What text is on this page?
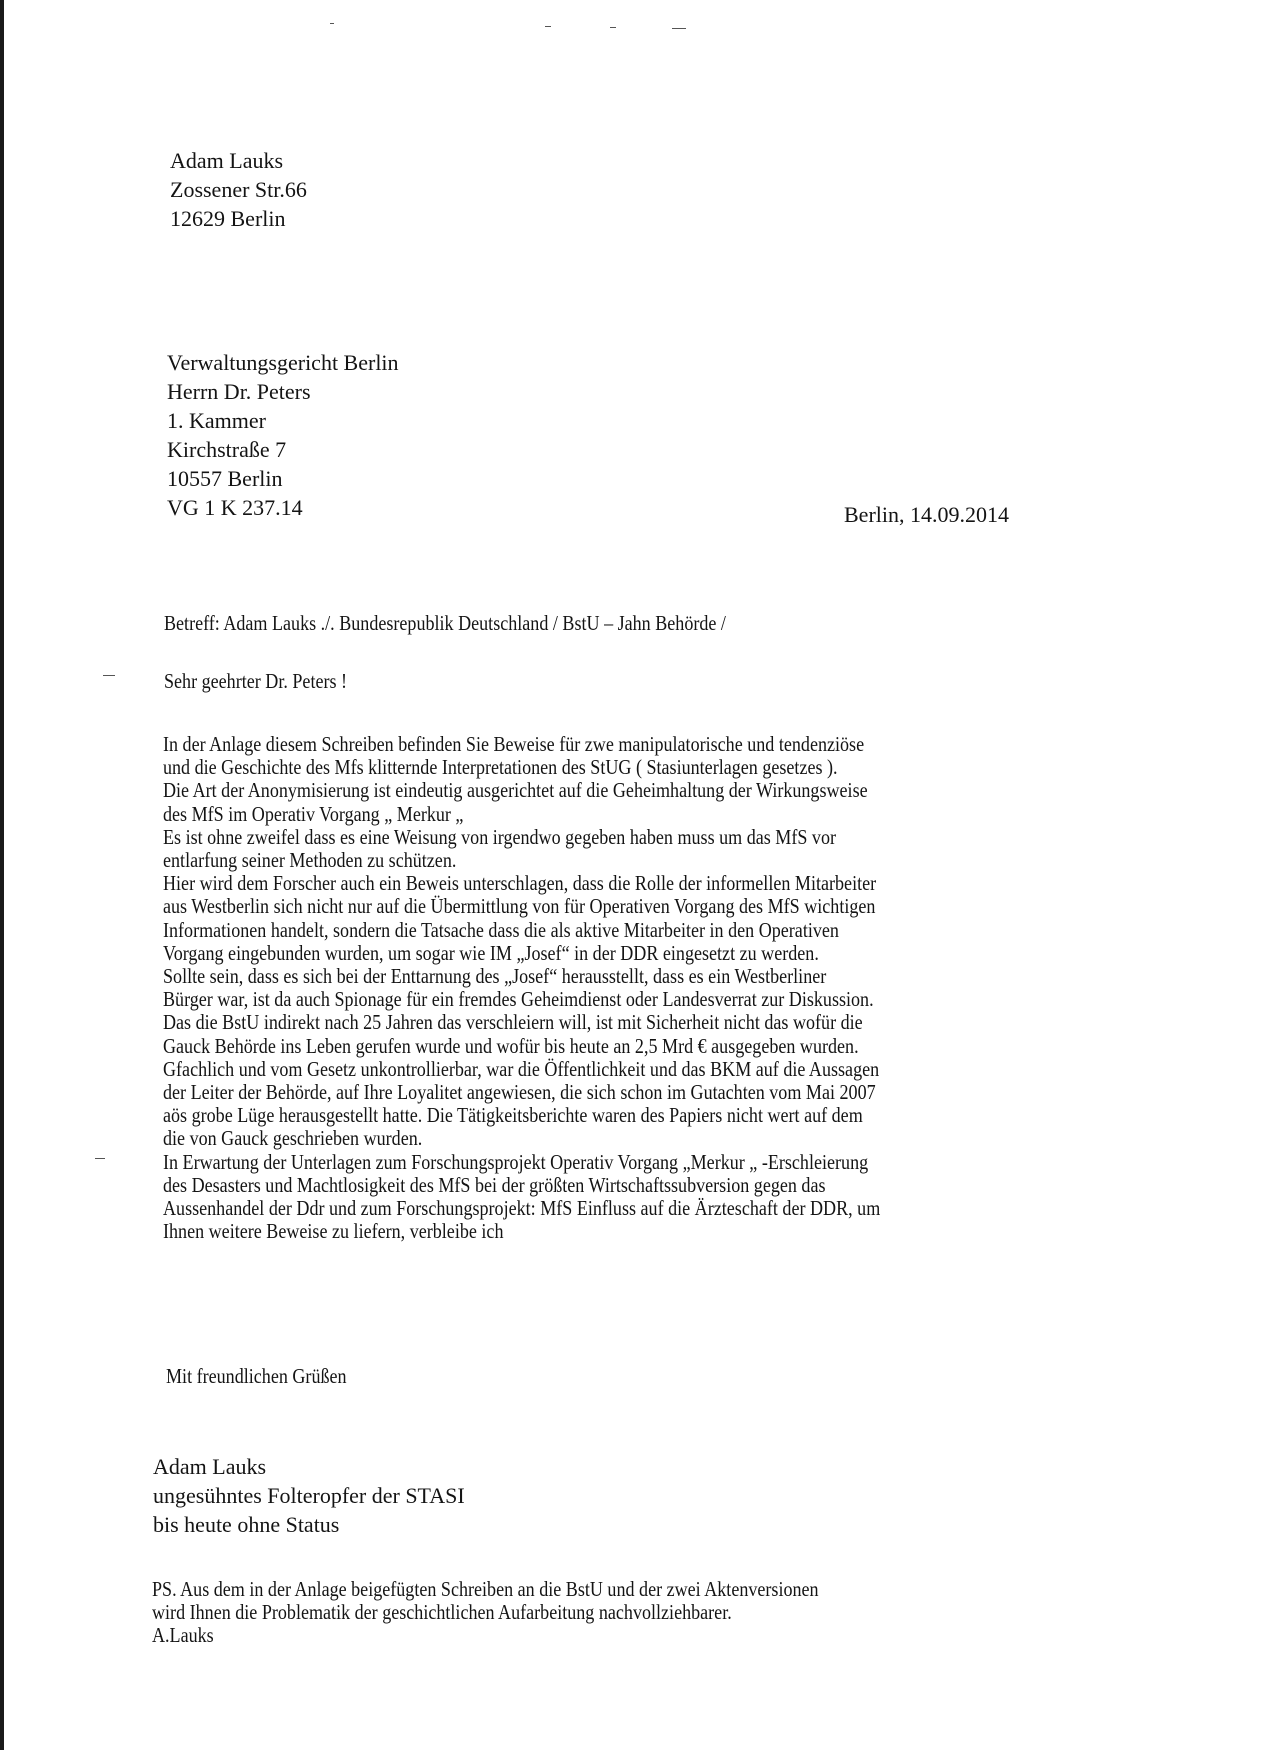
Adam Lauks
Zossener Str.66
12629 Berlin
Verwaltungsgericht Berlin
Herrn Dr. Peters
1. Kammer
Kirchstraße 7
10557 Berlin
VG 1 K 237.14	Berlin, 14.09.2014
Betreff: Adam Lauks ./. Bundesrepublik Deutschland / BstU – Jahn Behörde /
Sehr geehrter Dr. Peters !
In der Anlage diesem Schreiben befinden Sie Beweise für zwe manipulatorische und tendenziöse
und die Geschichte des Mfs klitternde Interpretationen des StUG ( Stasiunterlagen gesetzes ).
Die Art der Anonymisierung ist eindeutig ausgerichtet auf die Geheimhaltung der Wirkungsweise
des MfS im Operativ Vorgang „ Merkur „
Es ist ohne zweifel dass es eine Weisung von irgendwo gegeben haben muss um das MfS vor
entlarfung seiner Methoden zu schützen.
Hier wird dem Forscher auch ein Beweis unterschlagen, dass die Rolle der informellen Mitarbeiter
aus Westberlin sich nicht nur auf die Übermittlung von für Operativen Vorgang des MfS wichtigen
Informationen handelt, sondern die Tatsache dass die als aktive Mitarbeiter in den Operativen
Vorgang eingebunden wurden, um sogar wie IM „Josef“ in der DDR eingesetzt zu werden.
Sollte sein, dass es sich bei der Enttarnung des „Josef“ herausstellt, dass es ein Westberliner
Bürger war, ist da auch Spionage für ein fremdes Geheimdienst oder Landesverrat zur Diskussion.
Das die BstU indirekt nach 25 Jahren das verschleiern will, ist mit Sicherheit nicht das wofür die
Gauck Behörde ins Leben gerufen wurde und wofür bis heute an 2,5 Mrd € ausgegeben wurden.
Gfachlich und vom Gesetz unkontrollierbar, war die Öffentlichkeit und das BKM auf die Aussagen
der Leiter der Behörde, auf Ihre Loyalitet angewiesen, die sich schon im Gutachten vom Mai 2007
aös grobe Lüge herausgestellt hatte. Die Tätigkeitsberichte waren des Papiers nicht wert auf dem
die von Gauck geschrieben wurden.
In Erwartung der Unterlagen zum Forschungsprojekt Operativ Vorgang „Merkur „ -Erschleierung
des Desasters und Machtlosigkeit des MfS bei der größten Wirtschaftssubversion gegen das
Aussenhandel der Ddr und zum Forschungsprojekt: MfS Einfluss auf die Ärzteschaft der DDR, um
Ihnen weitere Beweise zu liefern, verbleibe ich
Mit freundlichen Grüßen
Adam Lauks
ungesühntes Folteropfer der STASI
bis heute ohne Status
PS. Aus dem in der Anlage beigefügten Schreiben an die BstU und der zwei Aktenversionen
wird Ihnen die Problematik der geschichtlichen Aufarbeitung nachvollziehbarer.
A.Lauks
